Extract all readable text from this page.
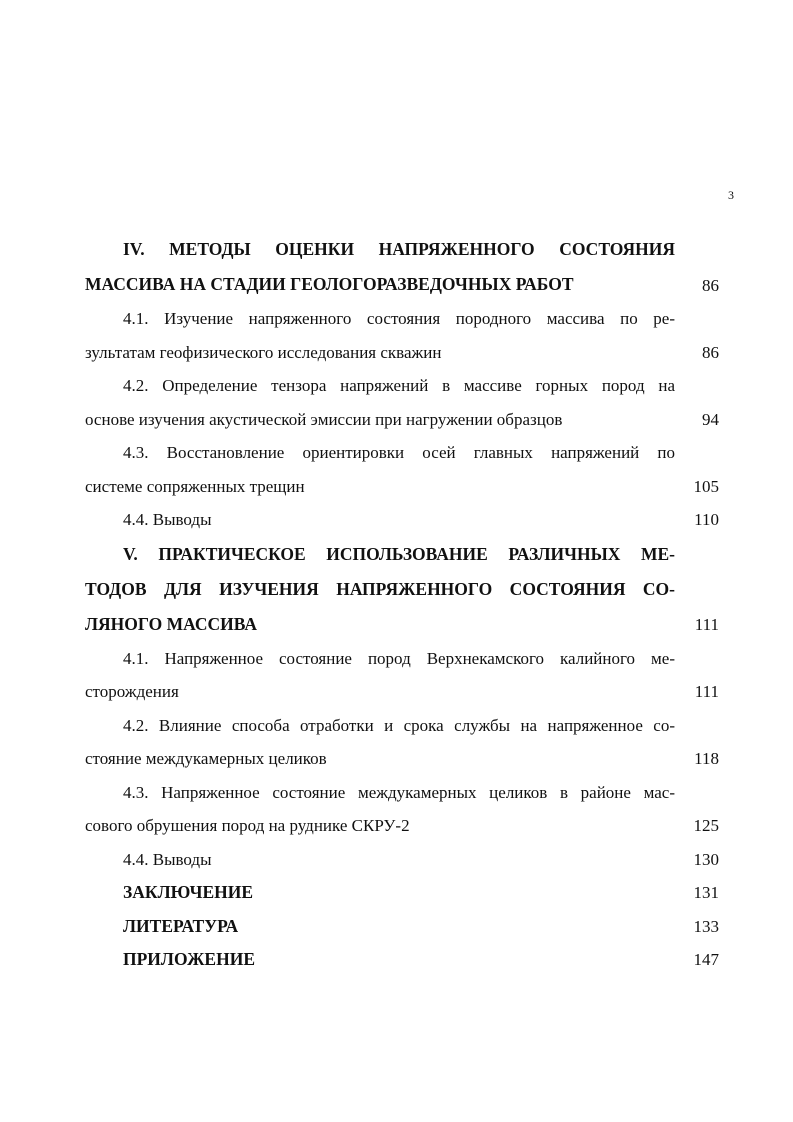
3
IV. МЕТОДЫ ОЦЕНКИ НАПРЯЖЕННОГО СОСТОЯНИЯ
МАССИВА НА СТАДИИ ГЕОЛОГОРАЗВЕДОЧНЫХ РАБОТ	86
4.1. Изучение напряженного состояния породного массива по ре-
зультатам геофизического исследования скважин	86
4.2. Определение тензора напряжений в массиве горных пород на
основе изучения акустической эмиссии при нагружении образцов	94
4.3. Восстановление ориентировки осей главных напряжений по
системе сопряженных трещин	105
4.4. Выводы	110
V. ПРАКТИЧЕСКОЕ ИСПОЛЬЗОВАНИЕ РАЗЛИЧНЫХ МЕ-
ТОДОВ ДЛЯ ИЗУЧЕНИЯ НАПРЯЖЕННОГО СОСТОЯНИЯ СО-
ЛЯНОГО МАССИВА	111
4.1. Напряженное состояние пород Верхнекамского калийного ме-
сторождения	111
4.2. Влияние способа отработки и срока службы на напряженное со-
стояние междукамерных целиков	118
4.3. Напряженное состояние междукамерных целиков в районе мас-
сового обрушения пород на руднике СКРУ-2	125
4.4. Выводы	130
ЗАКЛЮЧЕНИЕ	131
ЛИТЕРАТУРА	133
ПРИЛОЖЕНИЕ	147
